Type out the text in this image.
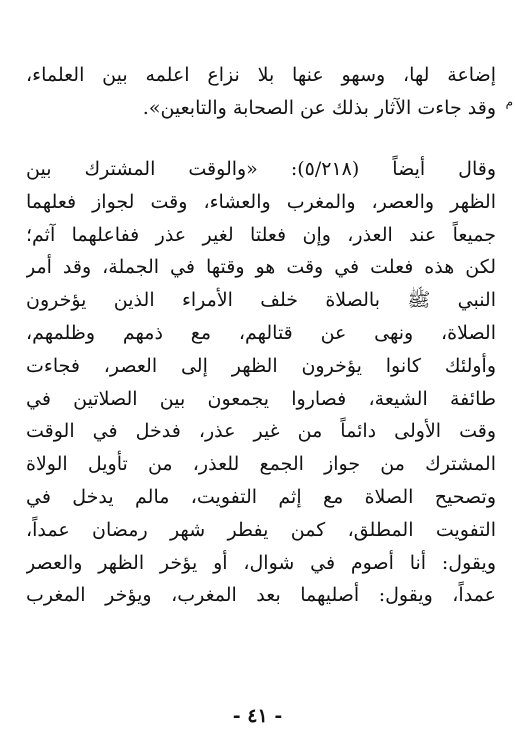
إضاعة لها، وسهو عنها بلا نزاع اعلمه بين العلماء،
وقد جاءت الآثار بذلك عن الصحابة والتابعين». م
وقال أيضاً (٥/٢١٨): «والوقت المشترك بين
الظهر والعصر، والمغرب والعشاء، وقت لجواز فعلهما
جميعاً عند العذر، وإن فعلتا لغير عذر ففاعلهما آثم؛
لكن هذه فعلت في وقت هو وقتها في الجملة، وقد أمر
النبي ﷺ بالصلاة خلف الأمراء الذين يؤخرون
الصلاة، ونهى عن قتالهم، مع ذمهم وظلمهم،
وأولئك كانوا يؤخرون الظهر إلى العصر، فجاءت
طائفة الشيعة، فصاروا يجمعون بين الصلاتين في
وقت الأولى دائماً من غير عذر، فدخل في الوقت
المشترك من جواز الجمع للعذر، من تأويل الولاة
وتصحيح الصلاة مع إثم التفويت، مالم يدخل في
التفويت المطلق، كمن يفطر شهر رمضان عمداً،
ويقول: أنا أصوم في شوال، أو يؤخر الظهر والعصر
عمداً، ويقول: أصليهما بعد المغرب، ويؤخر المغرب
- ٤١ -
